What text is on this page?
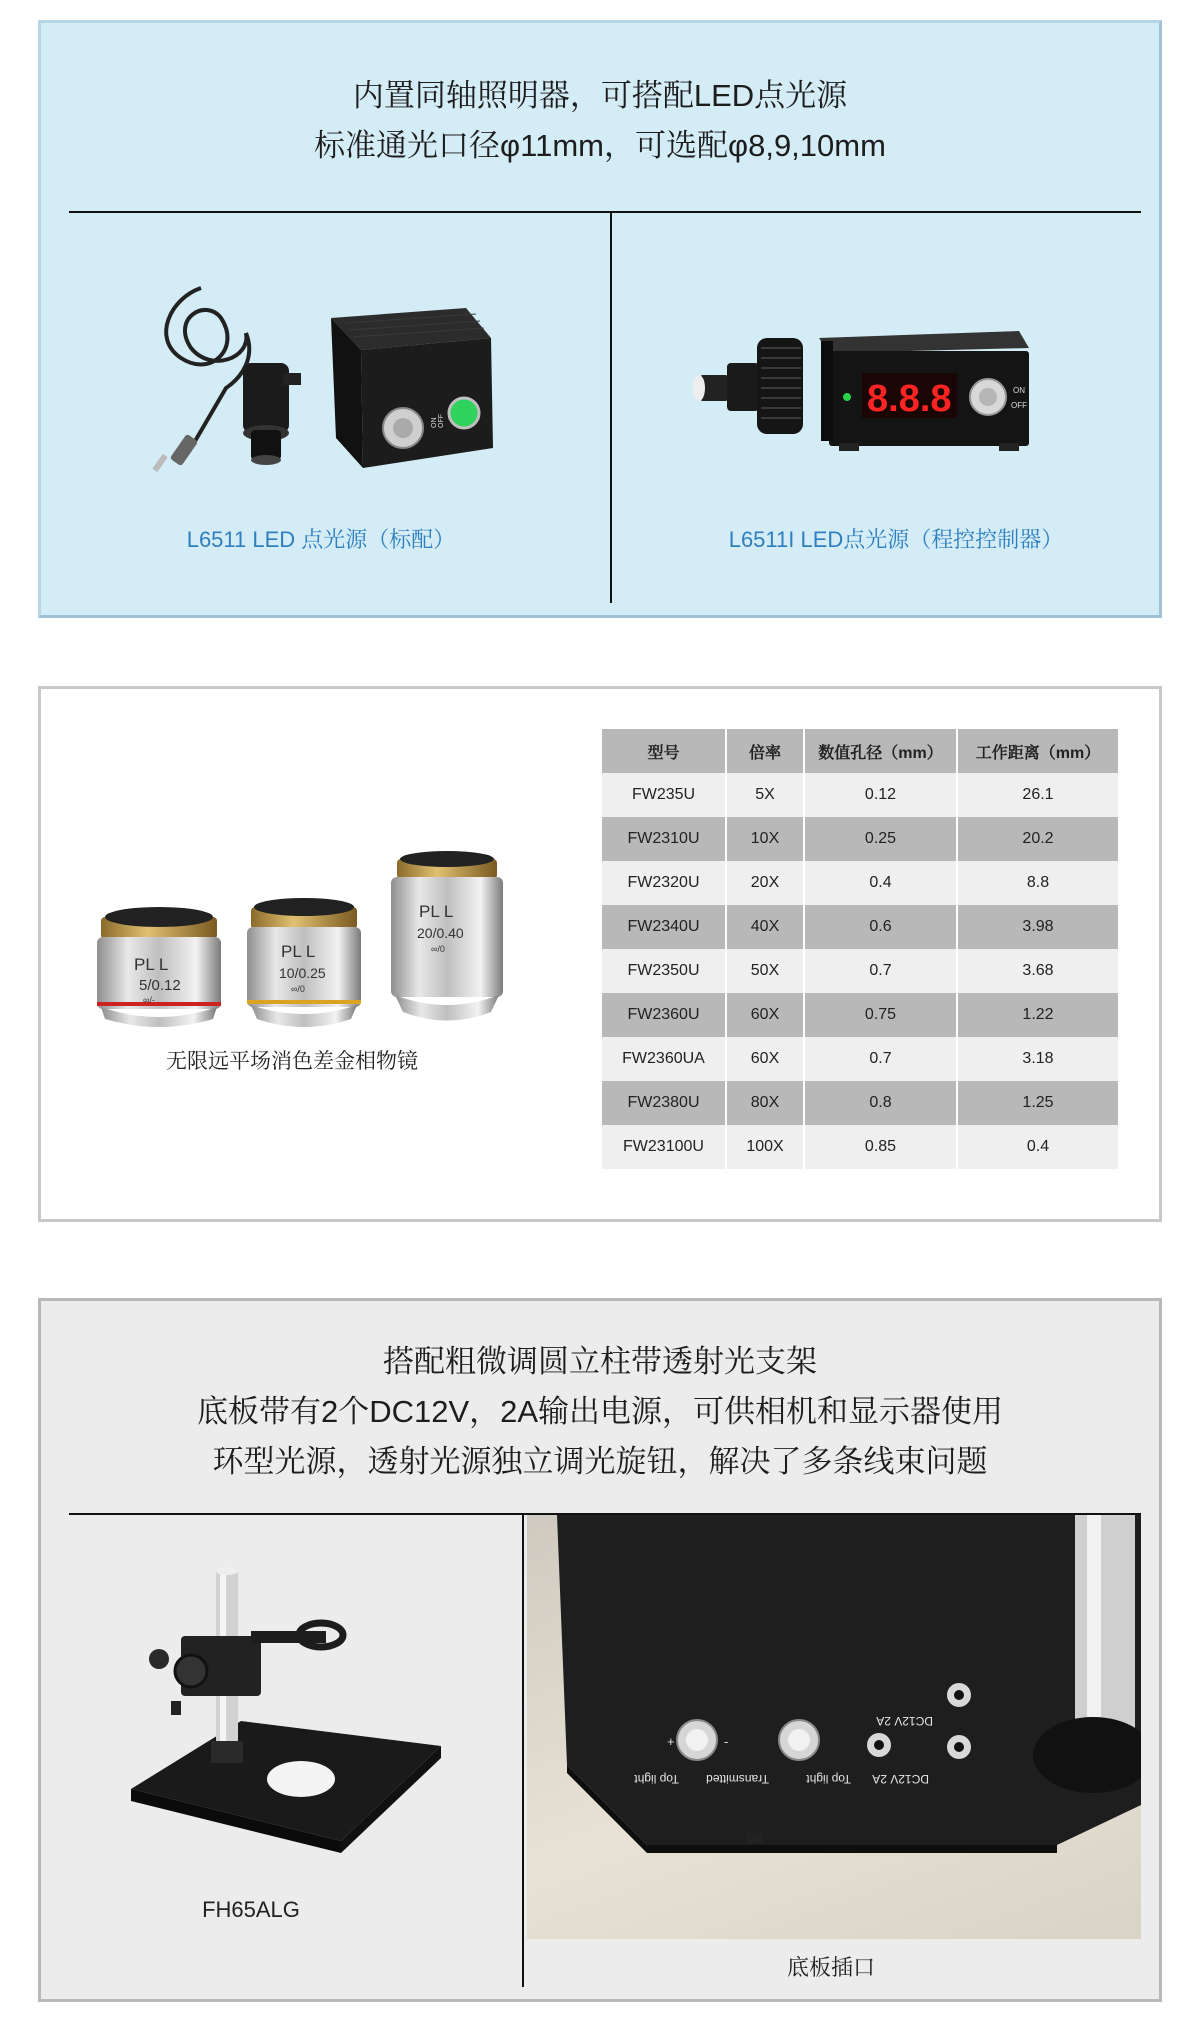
内置同轴照明器，可搭配LED点光源
标准通光口径φ11mm，可选配φ8,9,10mm
ON OFF
L6511 LED 点光源（标配）
8.8.8	ON
OFF
L6511I LED点光源（程控控制器）
PL L
5/0.12
∞/-
PL L
10/0.25
∞/0
PL L
20/0.40
∞/0
无限远平场消色差金相物镜
型号	倍率	数值孔径（mm）	工作距离（mm）
FW235U	5X	0.12	26.1
FW2310U	10X	0.25	20.2
FW2320U	20X	0.4	8.8
FW2340U	40X	0.6	3.98
FW2350U	50X	0.7	3.68
FW2360U	60X	0.75	1.22
FW2360UA	60X	0.7	3.18
FW2380U	80X	0.8	1.25
FW23100U	100X	0.85	0.4
搭配粗微调圆立柱带透射光支架
底板带有2个DC12V，2A输出电源，可供相机和显示器使用
环型光源，透射光源独立调光旋钮，解决了多条线束问题
FH65ALG
+	-
Top light Transmitted	Top light DC12V 2A
DC12V 2A
底板插口
